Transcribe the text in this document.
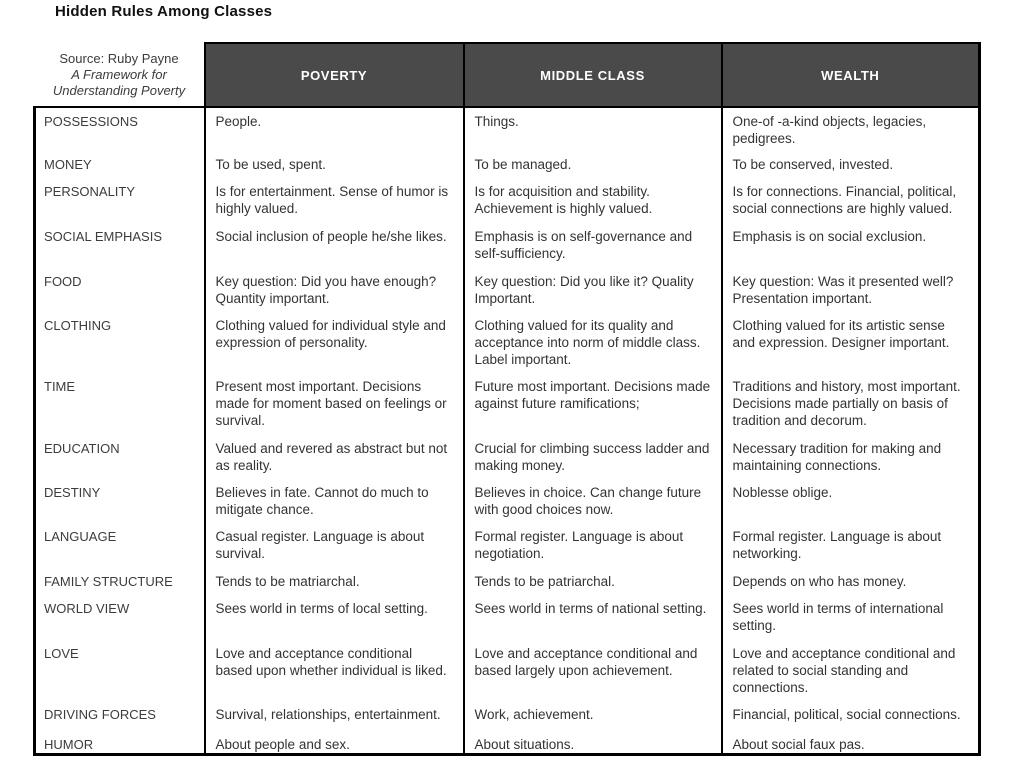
Hidden Rules Among Classes
Source: Ruby Payne
A Framework for
Understanding Poverty	POVERTY	MIDDLE CLASS	WEALTH
POSSESSIONS	People.	Things.	One-of -a-kind objects, legacies, pedigrees.
MONEY	To be used, spent.	To be managed.	To be conserved, invested.
PERSONALITY	Is for entertainment. Sense of humor is highly valued.	Is for acquisition and stability. Achievement is highly valued.	Is for connections. Financial, political, social connections are highly valued.
SOCIAL EMPHASIS	Social inclusion of people he/she likes.	Emphasis is on self-governance and self-sufficiency.	Emphasis is on social exclusion.
FOOD	Key question: Did you have enough? Quantity important.	Key question: Did you like it? Quality Important.	Key question: Was it presented well? Presentation important.
CLOTHING	Clothing valued for individual style and expression of personality.	Clothing valued for its quality and acceptance into norm of middle class. Label important.	Clothing valued for its artistic sense and expression. Designer important.
TIME	Present most important. Decisions made for moment based on feelings or survival.	Future most important. Decisions made against future ramifications;	Traditions and history, most important. Decisions made partially on basis of tradition and decorum.
EDUCATION	Valued and revered as abstract but not as reality.	Crucial for climbing success ladder and making money.	Necessary tradition for making and maintaining connections.
DESTINY	Believes in fate. Cannot do much to mitigate chance.	Believes in choice. Can change future with good choices now.	Noblesse oblige.
LANGUAGE	Casual register. Language is about survival.	Formal register. Language is about negotiation.	Formal register. Language is about networking.
FAMILY STRUCTURE	Tends to be matriarchal.	Tends to be patriarchal.	Depends on who has money.
WORLD VIEW	Sees world in terms of local setting.	Sees world in terms of national setting.	Sees world in terms of international setting.
LOVE	Love and acceptance conditional based upon whether individual is liked.	Love and acceptance conditional and based largely upon achievement.	Love and acceptance conditional and related to social standing and connections.
DRIVING FORCES	Survival, relationships, entertainment.	Work, achievement.	Financial, political, social connections.
HUMOR	About people and sex.	About situations.	About social faux pas.
